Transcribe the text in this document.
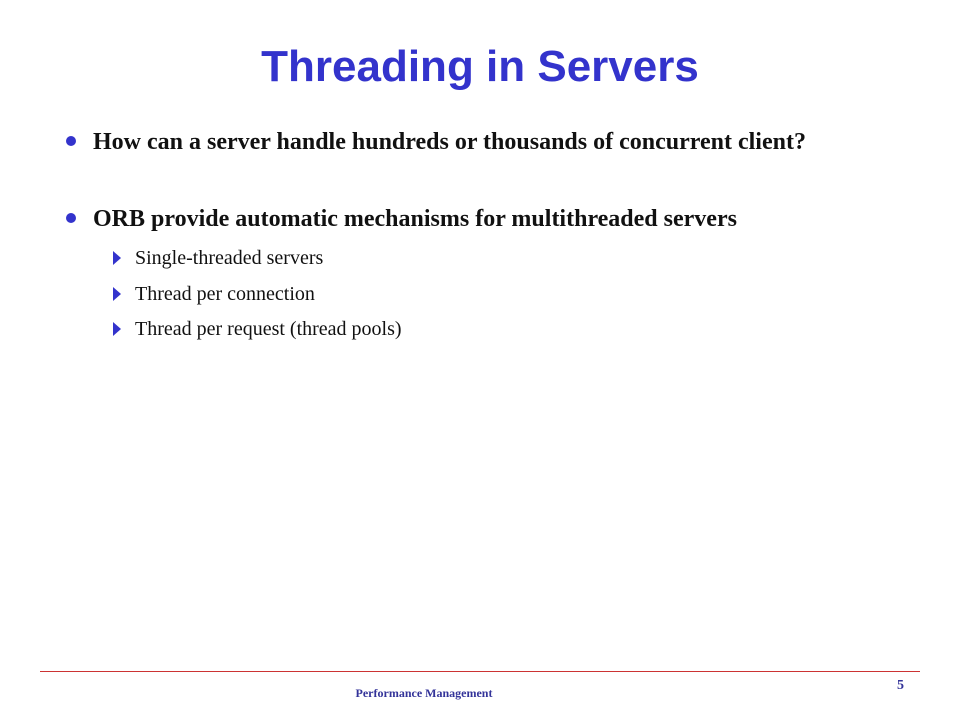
Threading in Servers
How can a server handle hundreds or thousands of concurrent client?
ORB provide automatic mechanisms for multithreaded servers
Single-threaded servers
Thread per connection
Thread per request (thread pools)
Performance Management	5
